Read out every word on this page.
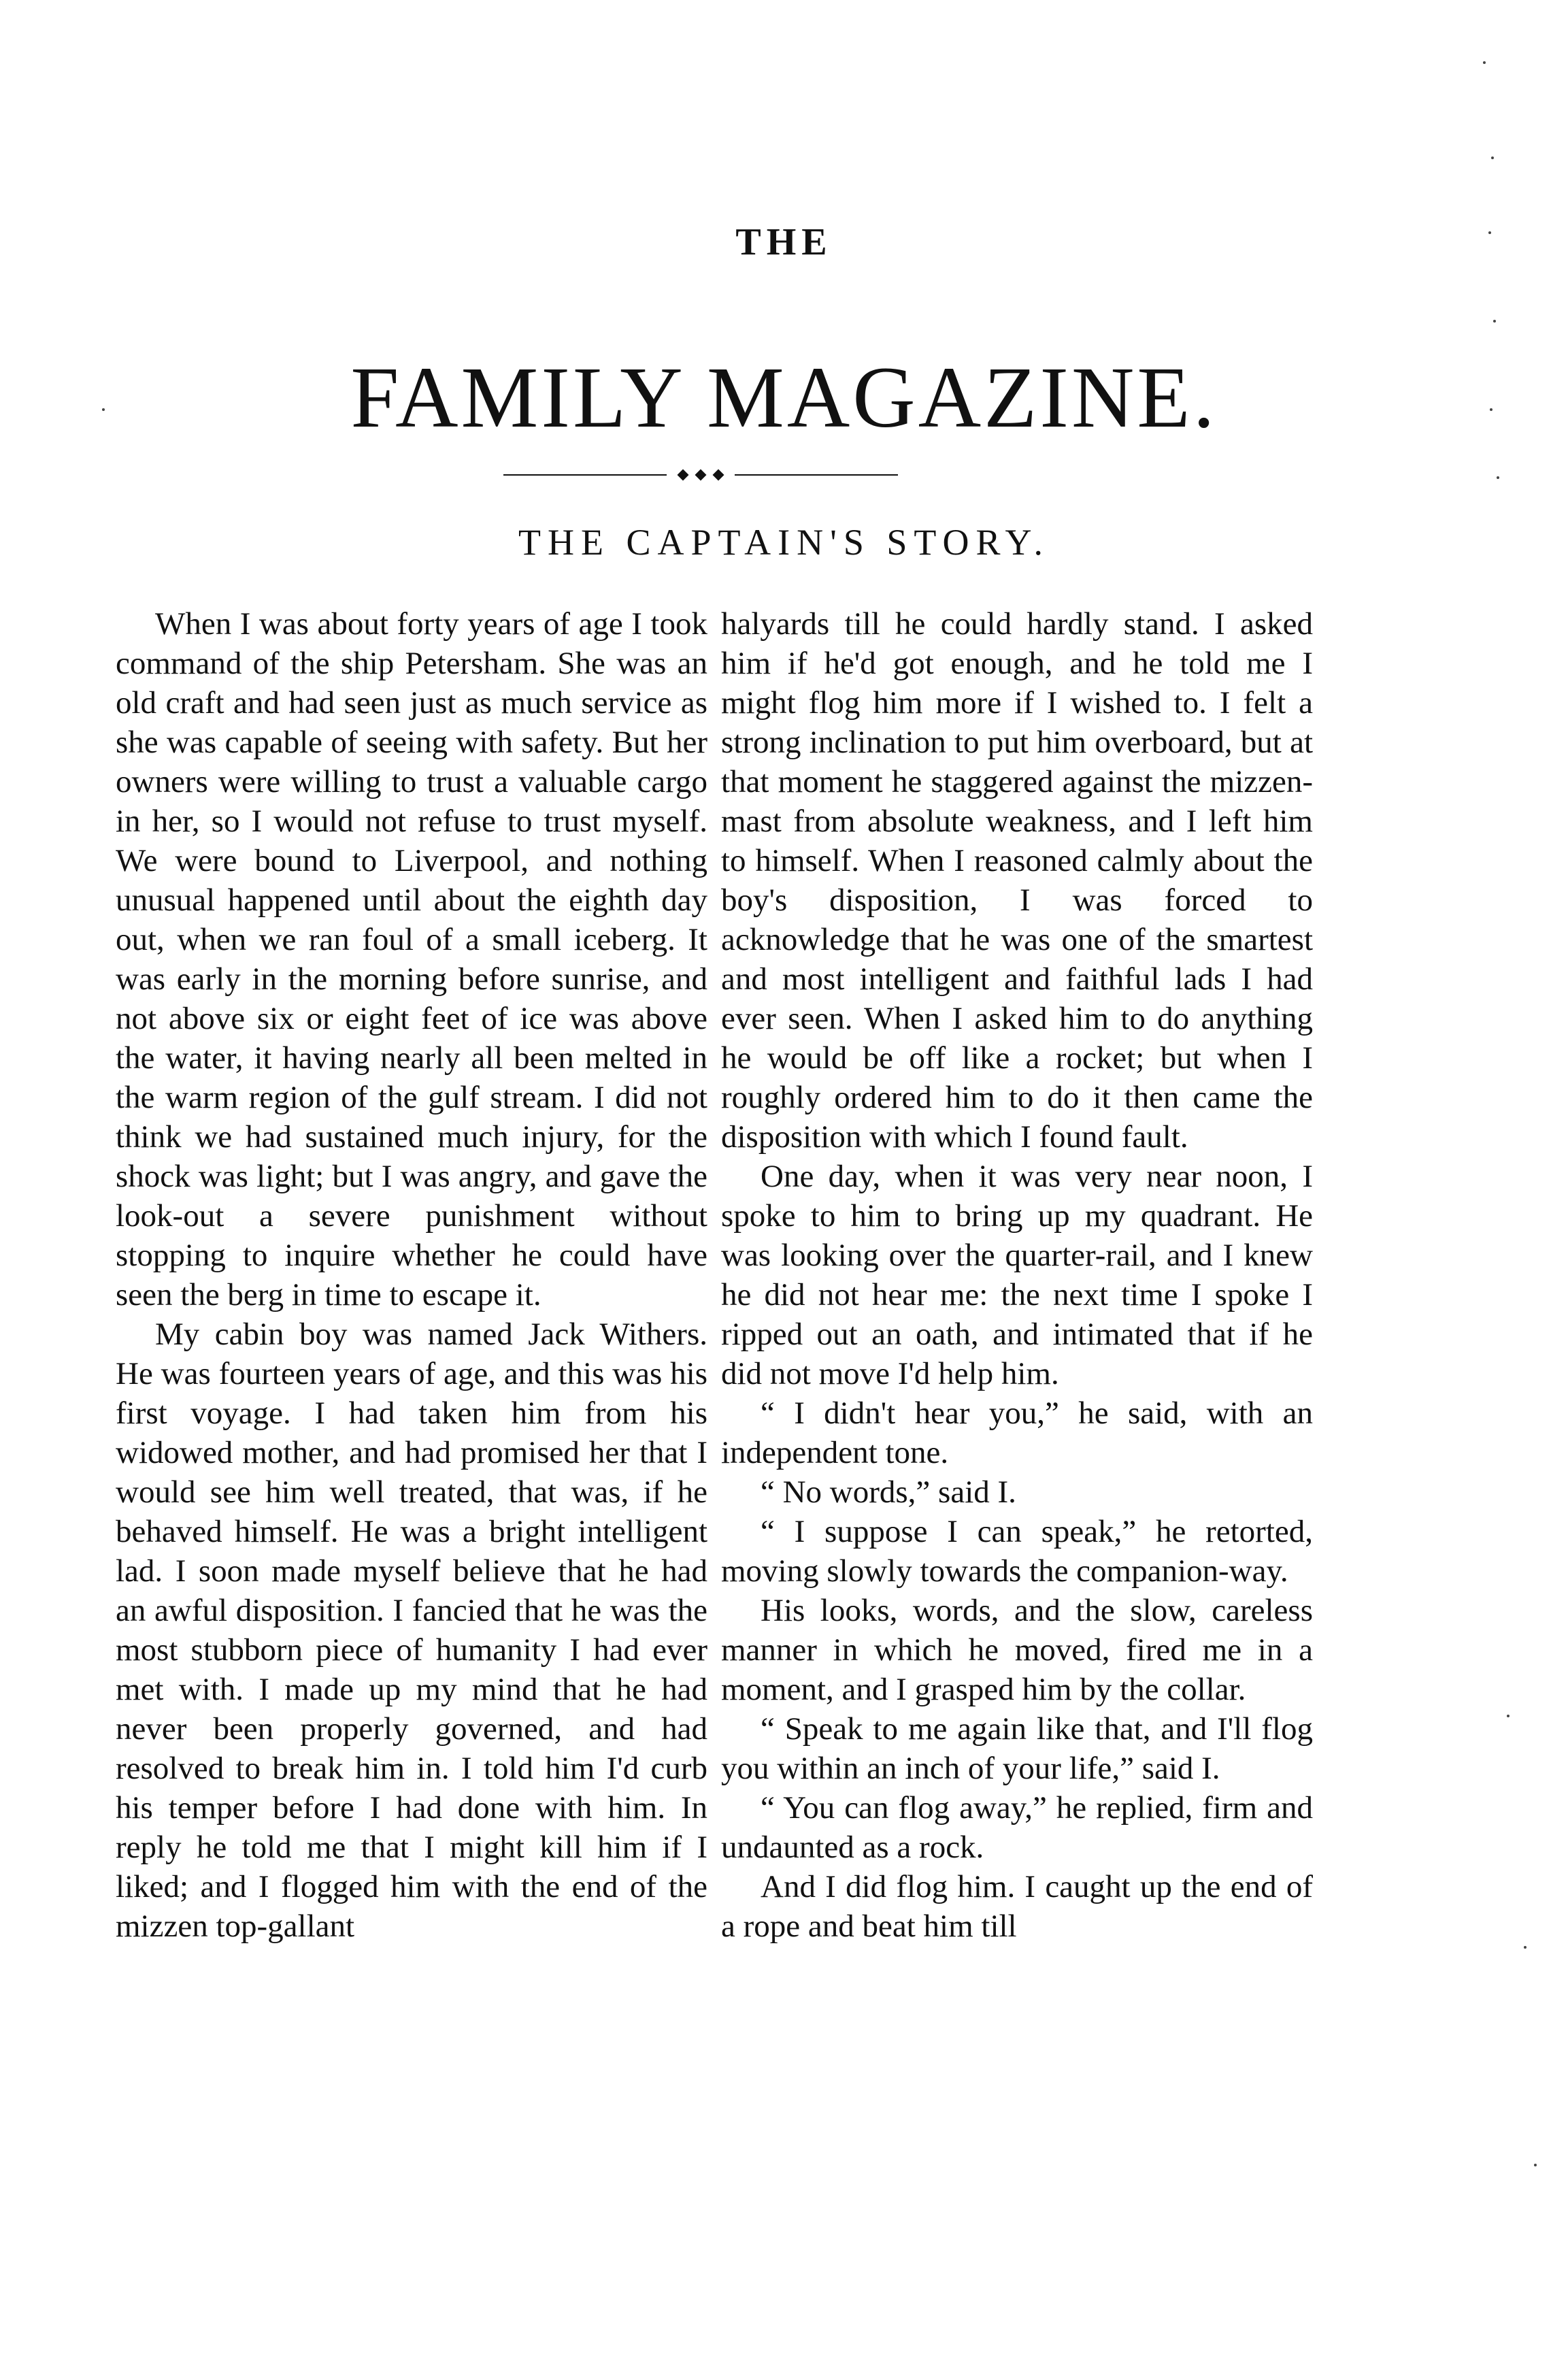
THE
FAMILY MAGAZINE.
THE CAPTAIN'S STORY.

When I was about forty years of age I took command of the ship Petersham. She was an old craft and had seen just as much service as she was capable of seeing with safety. But her owners were willing to trust a valuable cargo in her, so I would not refuse to trust myself. We were bound to Liverpool, and nothing unusual happened until about the eighth day out, when we ran foul of a small iceberg. It was early in the morning before sunrise, and not above six or eight feet of ice was above the water, it having nearly all been melted in the warm region of the gulf stream. I did not think we had sustained much injury, for the shock was light; but I was angry, and gave the look-out a severe punishment without stopping to inquire whether he could have seen the berg in time to escape it.

My cabin boy was named Jack Withers. He was fourteen years of age, and this was his first voyage. I had taken him from his widowed mother, and had promised her that I would see him well treated, that was, if he behaved himself. He was a bright intelligent lad. I soon made myself believe that he had an awful disposition. I fancied that he was the most stubborn piece of humanity I had ever met with. I made up my mind that he had never been properly governed, and had resolved to break him in. I told him I'd curb his temper before I had done with him. In reply he told me that I might kill him if I liked; and I flogged him with the end of the mizzen top-gallant

halyards till he could hardly stand. I asked him if he'd got enough, and he told me I might flog him more if I wished to. I felt a strong inclination to put him overboard, but at that moment he staggered against the mizzen-mast from absolute weakness, and I left him to himself. When I reasoned calmly about the boy's disposition, I was forced to acknowledge that he was one of the smartest and most intelligent and faithful lads I had ever seen. When I asked him to do anything he would be off like a rocket; but when I roughly ordered him to do it then came the disposition with which I found fault.

One day, when it was very near noon, I spoke to him to bring up my quadrant. He was looking over the quarter-rail, and I knew he did not hear me: the next time I spoke I ripped out an oath, and intimated that if he did not move I'd help him.

“ I didn't hear you,” he said, with an independent tone.

“ No words,” said I.

“ I suppose I can speak,” he retorted, moving slowly towards the companion-way.

His looks, words, and the slow, careless manner in which he moved, fired me in a moment, and I grasped him by the collar.

“ Speak to me again like that, and I'll flog you within an inch of your life,” said I.

“ You can flog away,” he replied, firm and undaunted as a rock.

And I did flog him. I caught up the end of a rope and beat him till
